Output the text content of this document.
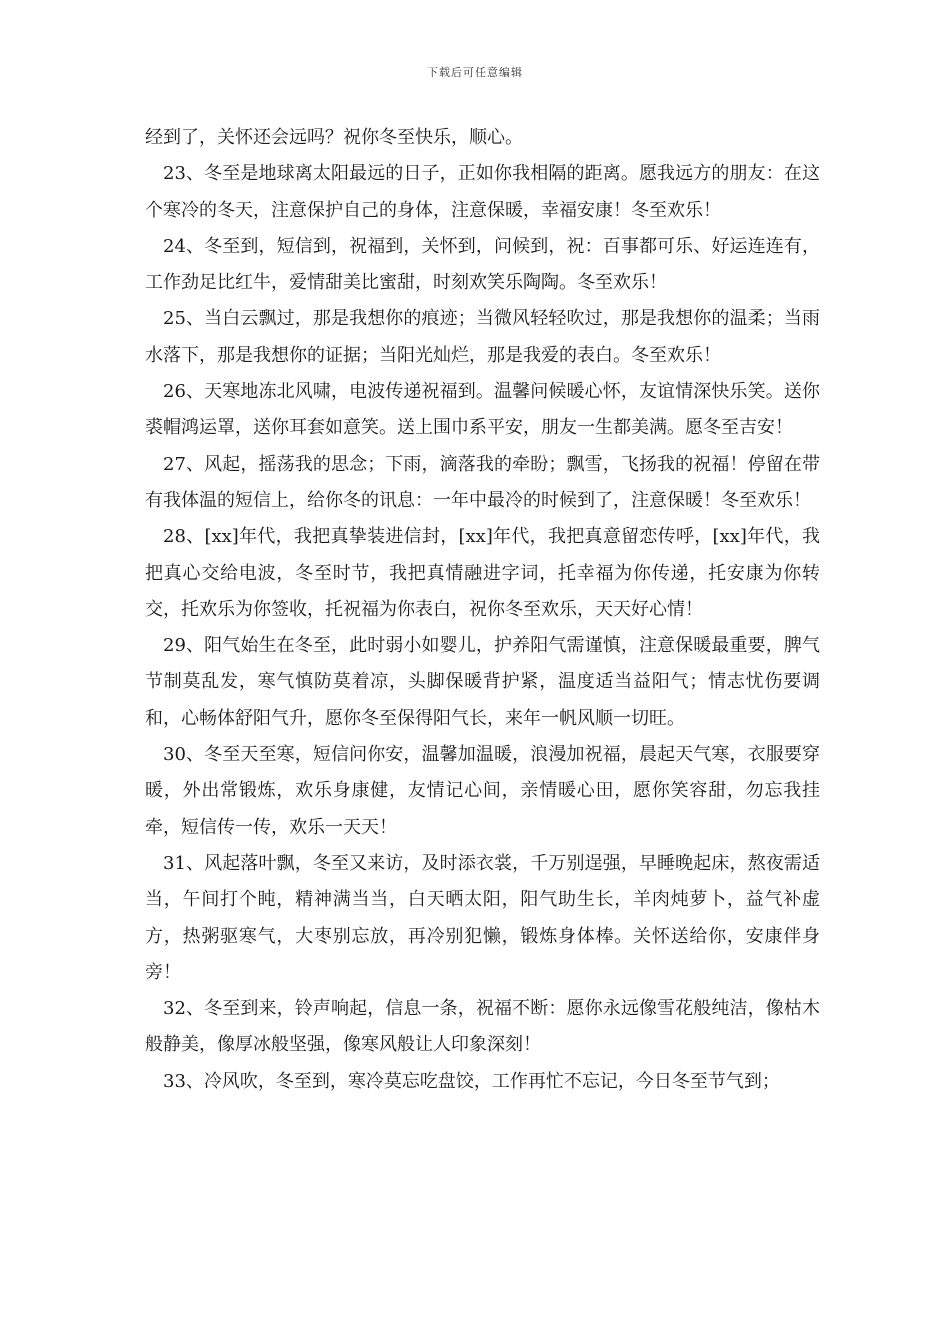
下载后可任意编辑

经到了，关怀还会远吗？祝你冬至快乐，顺心。

23、冬至是地球离太阳最远的日子，正如你我相隔的距离。愿我远方的朋友：在这个寒冷的冬天，注意保护自己的身体，注意保暖，幸福安康！冬至欢乐！

24、冬至到，短信到，祝福到，关怀到，问候到，祝：百事都可乐、好运连连有，工作劲足比红牛，爱情甜美比蜜甜，时刻欢笑乐陶陶。冬至欢乐！

25、当白云飘过，那是我想你的痕迹；当微风轻轻吹过，那是我想你的温柔；当雨水落下，那是我想你的证据；当阳光灿烂，那是我爱的表白。冬至欢乐！

26、天寒地冻北风啸，电波传递祝福到。温馨问候暖心怀，友谊情深快乐笑。送你裘帽鸿运罩，送你耳套如意笑。送上围巾系平安，朋友一生都美满。愿冬至吉安！

27、风起，摇荡我的思念；下雨，滴落我的牵盼；飘雪，飞扬我的祝福！停留在带有我体温的短信上，给你冬的讯息：一年中最冷的时候到了，注意保暖！冬至欢乐！

28、[xx]年代，我把真挚装进信封，[xx]年代，我把真意留恋传呼，[xx]年代，我把真心交给电波，冬至时节，我把真情融进字词，托幸福为你传递，托安康为你转交，托欢乐为你签收，托祝福为你表白，祝你冬至欢乐，天天好心情！

29、阳气始生在冬至，此时弱小如婴儿，护养阳气需谨慎，注意保暖最重要，脾气节制莫乱发，寒气慎防莫着凉，头脚保暖背护紧，温度适当益阳气；情志忧伤要调和，心畅体舒阳气升，愿你冬至保得阳气长，来年一帆风顺一切旺。

30、冬至天至寒，短信问你安，温馨加温暖，浪漫加祝福，晨起天气寒，衣服要穿暖，外出常锻炼，欢乐身康健，友情记心间，亲情暖心田，愿你笑容甜，勿忘我挂牵，短信传一传，欢乐一天天！

31、风起落叶飘，冬至又来访，及时添衣裳，千万别逞强，早睡晚起床，熬夜需适当，午间打个盹，精神满当当，白天晒太阳，阳气助生长，羊肉炖萝卜，益气补虚方，热粥驱寒气，大枣别忘放，再冷别犯懒，锻炼身体棒。关怀送给你，安康伴身旁！

32、冬至到来，铃声响起，信息一条，祝福不断：愿你永远像雪花般纯洁，像枯木般静美，像厚冰般坚强，像寒风般让人印象深刻！

33、冷风吹，冬至到，寒冷莫忘吃盘饺，工作再忙不忘记，今日冬至节气到；
